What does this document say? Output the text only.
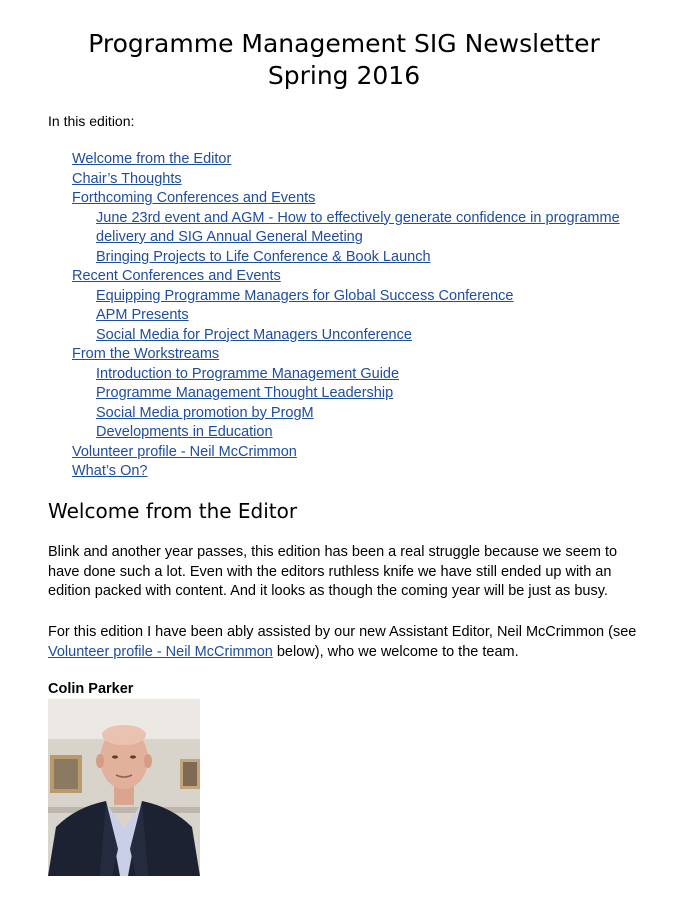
Programme Management SIG Newsletter
Spring 2016
In this edition:
Welcome from the Editor
Chair’s Thoughts
Forthcoming Conferences and Events
June 23rd event and AGM - How to effectively generate confidence in programme
delivery and SIG Annual General Meeting
Bringing Projects to Life Conference & Book Launch
Recent Conferences and Events
Equipping Programme Managers for Global Success Conference
APM Presents
Social Media for Project Managers Unconference
From the Workstreams
Introduction to Programme Management Guide
Programme Management Thought Leadership
Social Media promotion by ProgM
Developments in Education
Volunteer profile - Neil McCrimmon
What’s On?
Welcome from the Editor

Blink and another year passes, this edition has been a real struggle because we seem to have done such a lot. Even with the editors ruthless knife we have still ended up with an edition packed with content. And it looks as though the coming year will be just as busy.

For this edition I have been ably assisted by our new Assistant Editor, Neil McCrimmon (see Volunteer profile - Neil McCrimmon below), who we welcome to the team.

Colin Parker
